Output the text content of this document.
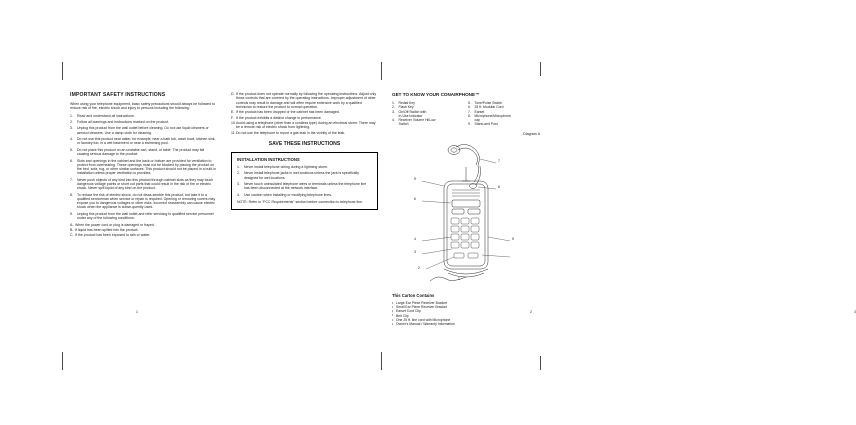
IMPORTANT SAFETY INSTRUCTIONS

When using your telephone equipment, basic safety precautions should always be followed to reduce risk of fire, electric shock and injury to persons including the following:

1.	Read and understand all instructions.
2.	Follow all warnings and instructions marked on the product.
3.	Unplug this product from the wall outlet before cleaning. Do not use liquid cleaners or aerosol cleaners. Use a damp cloth for cleaning.
4.	Do not use this product near water, for example, near a bath tub, wash bowl, kitchen sink, or laundry tub, in a wet basement or near a swimming pool.
5.	Do not place this product on an unstable cart, stand, or table. The product may fall causing serious damage to the product.
6.	Slots and openings in the cabinet and the back or bottom are provided for ventilation to protect from overheating. These openings must not be blocked by placing the product on the bed, sofa, rug, or other similar surfaces. This product should not be placed in a built-in installation unless proper ventilation is provided.
7.	Never push objects of any kind into this product through cabinet slots as they may touch dangerous voltage points or short out parts that could result in the risk of fire or electric shock. Never spill liquid of any kind on the product.
8.	To reduce the risk of electric shock, do not disas-semble this product, but take it to a qualified serviceman when service or repair is required. Opening or removing covers may expose you to dangerous voltages or other risks. Incorrect reassembly can cause electric shock when the appliance is subse-quently used.
9.	Unplug this product from the wall outlet and refer servicing to qualified service personnel under any of the following conditions:
A. When the power cord or plug is damaged or frayed.
B. If liquid has been spilled into the product.
C. If the product has been exposed to rain or water.
1
D. If the product does not operate normally by following the operating instructions. Adjust only those controls that are covered by the operating instructions. Improper adjustment of other controls may result in damage and will often require extensive work by a qualified technician to restore the product to normal operation.
E. If the product has been dropped or the cabinet has been damaged.
F. If the product exhibits a distinct change in performance.
10. Avoid using a telephone (other than a cordless type) during an electrical storm. There may be a remote risk of electric shock from lightning.
11. Do not use the telephone to report a gas leak in the vicinity of the leak.
SAVE THESE INSTRUCTIONS
INSTALLATION INSTRUCTIONS
1.	Never install telephone wiring during a lightning storm.
2.	Never install telephone jacks in wet locations unless the jack is specifically designed for wet locations.
3.	Never touch uninsulated telephone wires or terminals unless the telephone line has been disconnected at the network interface.
4.	Use caution when installing or modifying telephone lines.
NOTE: Refer to "FCC Requirements" section before connection to telephone line.
2
GET TO KNOW YOUR CONAIRPHONE™
1. Redial Key
2. Flash Key
3. On/Off Switch with
In-Use Indicator
4. Receiver Volume Hi/Low
Switch
5. Tone/Pulse Switch
6. 25 ft. Modular Cord
7. Earset
8. Microphone/Microphone
cap
9. Stand and Post
Diagram A
9
6
4
3
2
1
5
7
8
This Carton Contains
• Large Ear Piece Receiver Bracket
• Small Ear Piece Receiver Bracket
• Earset Cord Clip
• Belt Clip
• One 25 ft. line cord with Microphone
• Owner's Manual / Warranty Information
3
